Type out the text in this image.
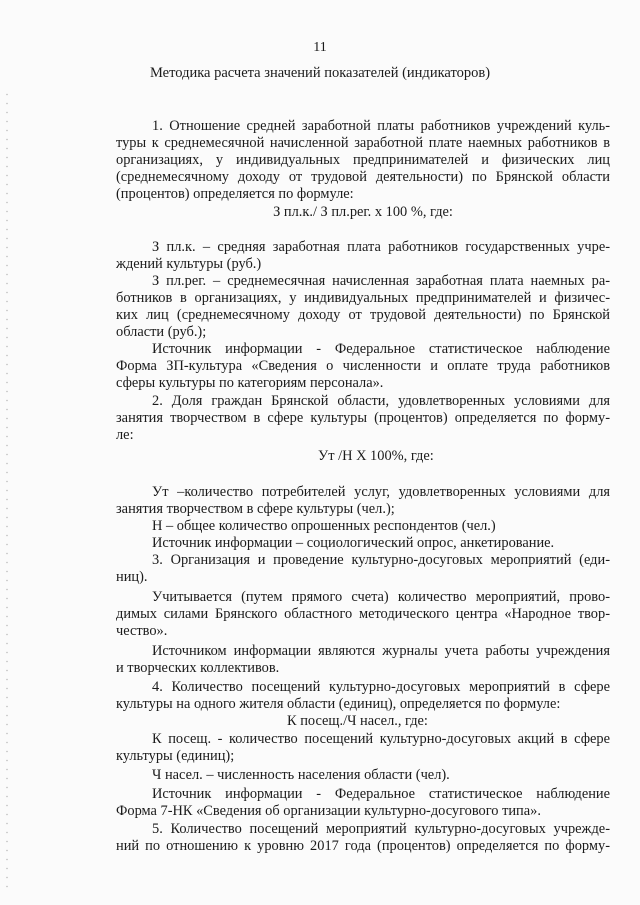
11
Методика расчета значений показателей (индикаторов)
1. Отношение средней заработной платы работников учреждений куль-
туры к среднемесячной начисленной заработной плате наемных работников в
организациях, у индивидуальных предпринимателей и физических лиц
(среднемесячному доходу от трудовой деятельности) по Брянской области
(процентов) определяется по формуле:
З пл.к./ З пл.рег. х 100 %, где:
З пл.к. – средняя заработная плата работников государственных учре-
ждений культуры (руб.)
З пл.рег. – среднемесячная начисленная заработная плата наемных ра-
ботников в организациях, у индивидуальных предпринимателей и физичес-
ких лиц (среднемесячному доходу от трудовой деятельности) по Брянской
области (руб.);
Источник информации - Федеральное статистическое наблюдение
Форма ЗП-культура «Сведения о численности и оплате труда работников
сферы культуры по категориям персонала».
2. Доля граждан Брянской области, удовлетворенных условиями для
занятия творчеством в сфере культуры (процентов) определяется по форму-
ле:
Ут /Н Х 100%, где:
Ут –количество потребителей услуг, удовлетворенных условиями для
занятия творчеством в сфере культуры (чел.);
Н – общее количество опрошенных респондентов (чел.)
Источник информации – социологический опрос, анкетирование.
3. Организация и проведение культурно-досуговых мероприятий (еди-
ниц).
Учитывается (путем прямого счета) количество мероприятий, прово-
димых силами Брянского областного методического центра «Народное твор-
чество».
Источником информации являются журналы учета работы учреждения
и творческих коллективов.
4. Количество посещений культурно-досуговых мероприятий в сфере
культуры на одного жителя области (единиц), определяется по формуле:
К посещ./Ч насел., где:
К посещ. - количество посещений культурно-досуговых акций в сфере
культуры (единиц);
Ч насел. – численность населения области (чел).
Источник информации - Федеральное статистическое наблюдение
Форма 7-НК «Сведения об организации культурно-досугового типа».
5. Количество посещений мероприятий культурно-досуговых учрежде-
ний по отношению к уровню 2017 года (процентов) определяется по форму-
